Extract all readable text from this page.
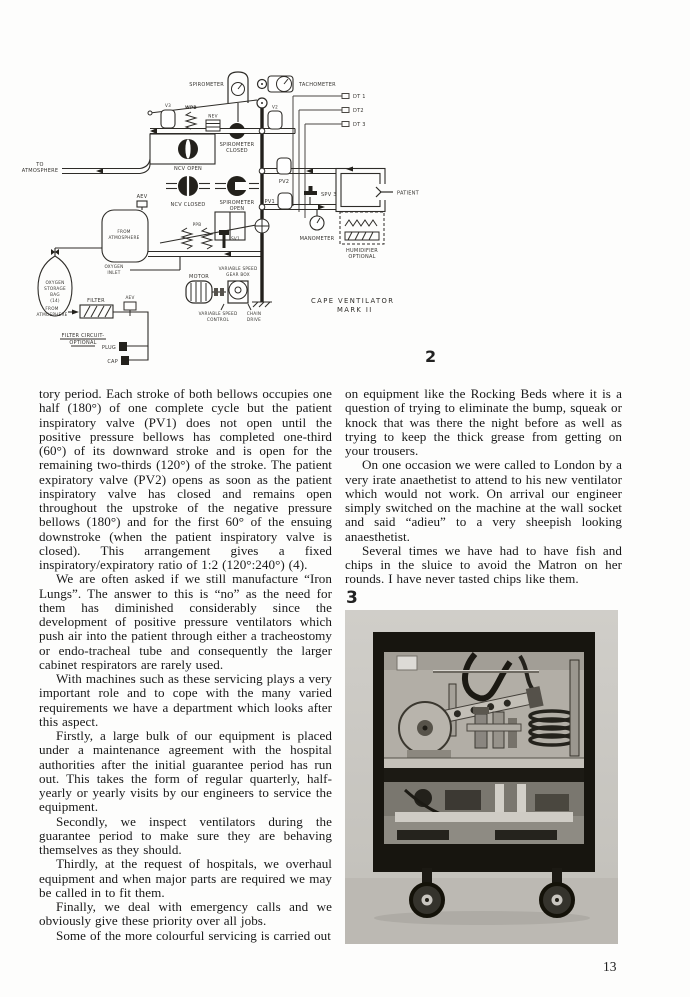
SPIROMETER	TACHOMETER
DT 1
DT2
DT 3
WPB
NEV
V3	V2
SPIROMETER
CLOSED
NCV OPEN
NCV CLOSED	SPIROMETER
OPEN
TO
ATMOSPHERE
AEV
FROM
ATMOSPHERE
PV2
PV1
SPV 3	PATIENT
MANOMETER
HUMIDIFIER
OPTIONAL
PPB
SV1
OXYGEN
STORAGE
BAG
(14)
OXYGEN
INLET
MOTOR
VARIABLE SPEED
GEAR BOX
VARIABLE SPEED
CONTROL
CHAIN
DRIVE
FILTER
FROM
ATMOSPHERE
AEV
FILTER CIRCUIT-
OPTIONAL
PLUG
CAP
CAPE VENTILATOR
MARK II
2

tory period. Each stroke of both bellows occupies one half (180°) of one complete cycle but the patient inspiratory valve (PV1) does not open until the positive pressure bellows has completed one-third (60°) of its downward stroke and is open for the remaining two-thirds (120°) of the stroke. The patient expiratory valve (PV2) opens as soon as the patient inspiratory valve has closed and remains open throughout the upstroke of the negative pressure bellows (180°) and for the first 60° of the ensuing downstroke (when the patient inspiratory valve is closed). This arrangement gives a fixed inspiratory/expiratory ratio of 1:2 (120°:240°) (4).

We are often asked if we still manufacture “Iron Lungs”. The answer to this is “no” as the need for them has diminished considerably since the development of positive pressure ventilators which push air into the patient through either a tracheostomy or endo-tracheal tube and consequently the larger cabinet respirators are rarely used.

With machines such as these servicing plays a very important role and to cope with the many varied requirements we have a department which looks after this aspect.

Firstly, a large bulk of our equipment is placed under a maintenance agreement with the hospital authorities after the initial guarantee period has run out. This takes the form of regular quarterly, half-yearly or yearly visits by our engineers to service the equipment.

Secondly, we inspect ventilators during the guarantee period to make sure they are behaving themselves as they should.

Thirdly, at the request of hospitals, we overhaul equipment and when major parts are required we may be called in to fit them.

Finally, we deal with emergency calls and we obviously give these priority over all jobs.

Some of the more colourful servicing is carried out

on equipment like the Rocking Beds where it is a question of trying to eliminate the bump, squeak or knock that was there the night before as well as trying to keep the thick grease from getting on your trousers.

On one occasion we were called to London by a very irate anaethetist to attend to his new ventilator which would not work. On arrival our engineer simply switched on the machine at the wall socket and said “adieu” to a very sheepish looking anaesthetist.

Several times we have had to have fish and chips in the sluice to avoid the Matron on her rounds. I have never tasted chips like them.

3
13
